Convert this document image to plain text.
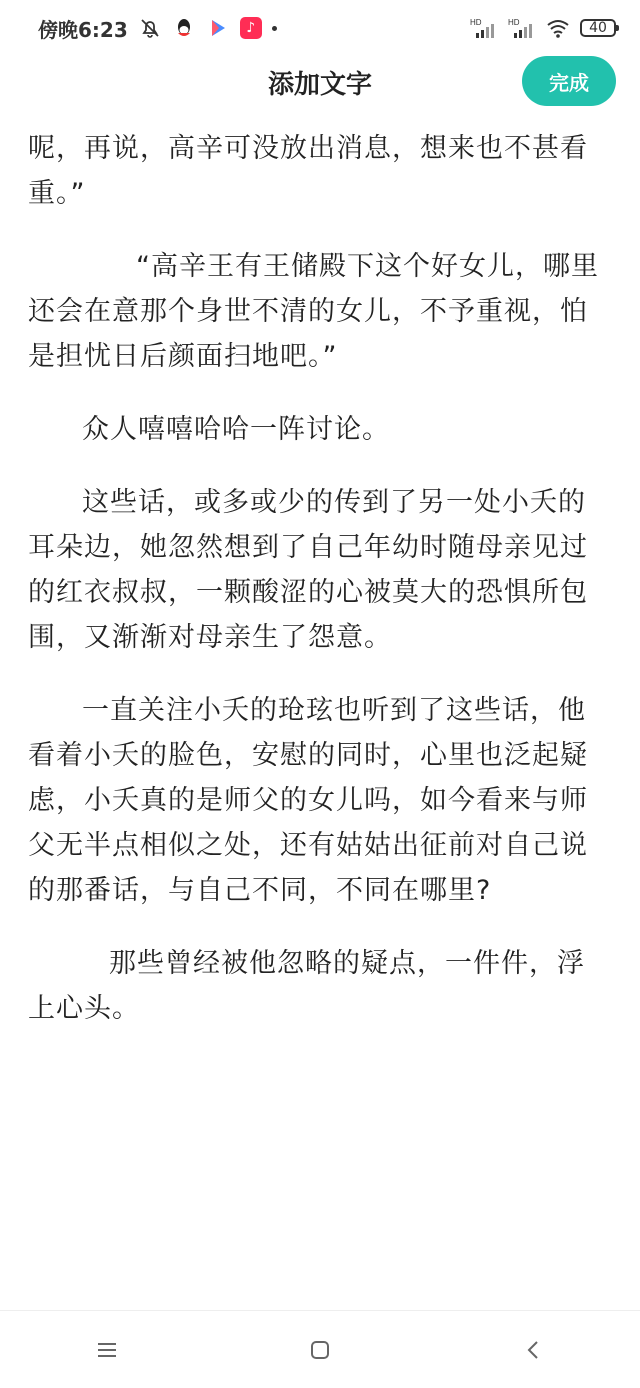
傍晚6:23	♪	HD	HD	40
添加文字	完成

呢，再说，高辛可没放出消息，想来也不甚看重。”

“高辛王有王储殿下这个好女儿，哪里还会在意那个身世不清的女儿，不予重视，怕是担忧日后颜面扫地吧。”

众人嘻嘻哈哈一阵讨论。

这些话，或多或少的传到了另一处小夭的耳朵边，她忽然想到了自己年幼时随母亲见过的红衣叔叔，一颗酸涩的心被莫大的恐惧所包围，又渐渐对母亲生了怨意。

一直关注小夭的玱玹也听到了这些话，他看着小夭的脸色，安慰的同时，心里也泛起疑虑，小夭真的是师父的女儿吗，如今看来与师父无半点相似之处，还有姑姑出征前对自己说的那番话，与自己不同，不同在哪里?

那些曾经被他忽略的疑点，一件件，浮上心头。
